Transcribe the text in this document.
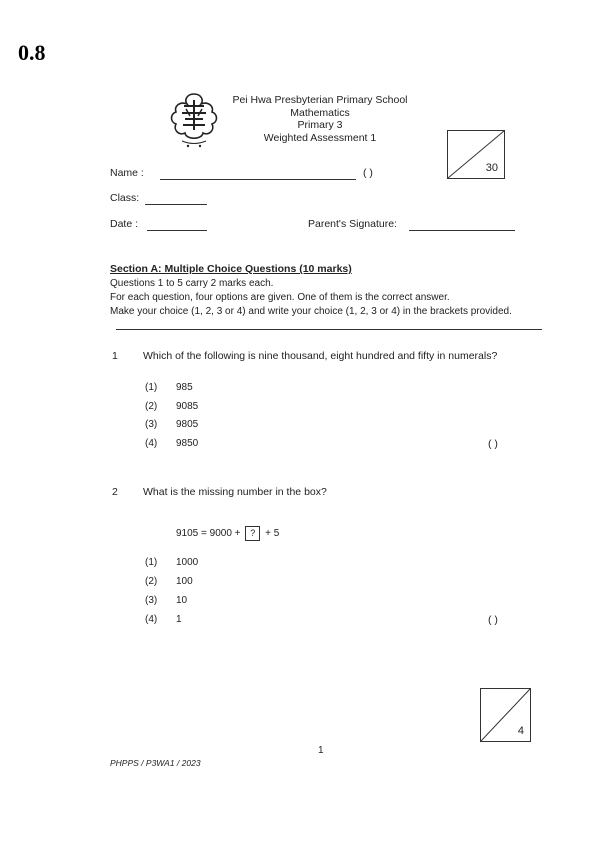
0.8
Pei Hwa Presbyterian Primary School
Mathematics
Primary 3
Weighted Assessment 1
30
Name :	( )
Class:
Date :	Parent's Signature:
Section A: Multiple Choice Questions (10 marks)
Questions 1 to 5 carry 2 marks each.
For each question, four options are given. One of them is the correct answer.
Make your choice (1, 2, 3 or 4) and write your choice (1, 2, 3 or 4) in the brackets provided.
1 Which of the following is nine thousand, eight hundred and fifty in numerals?
(1) 985
(2) 9085
(3) 9805
(4) 9850	( )
2 What is the missing number in the box?
9105 = 9000 + ? + 5
(1) 1000
(2) 100
(3) 10
(4) 1	( )
4
1
PHPPS / P3WA1 / 2023
